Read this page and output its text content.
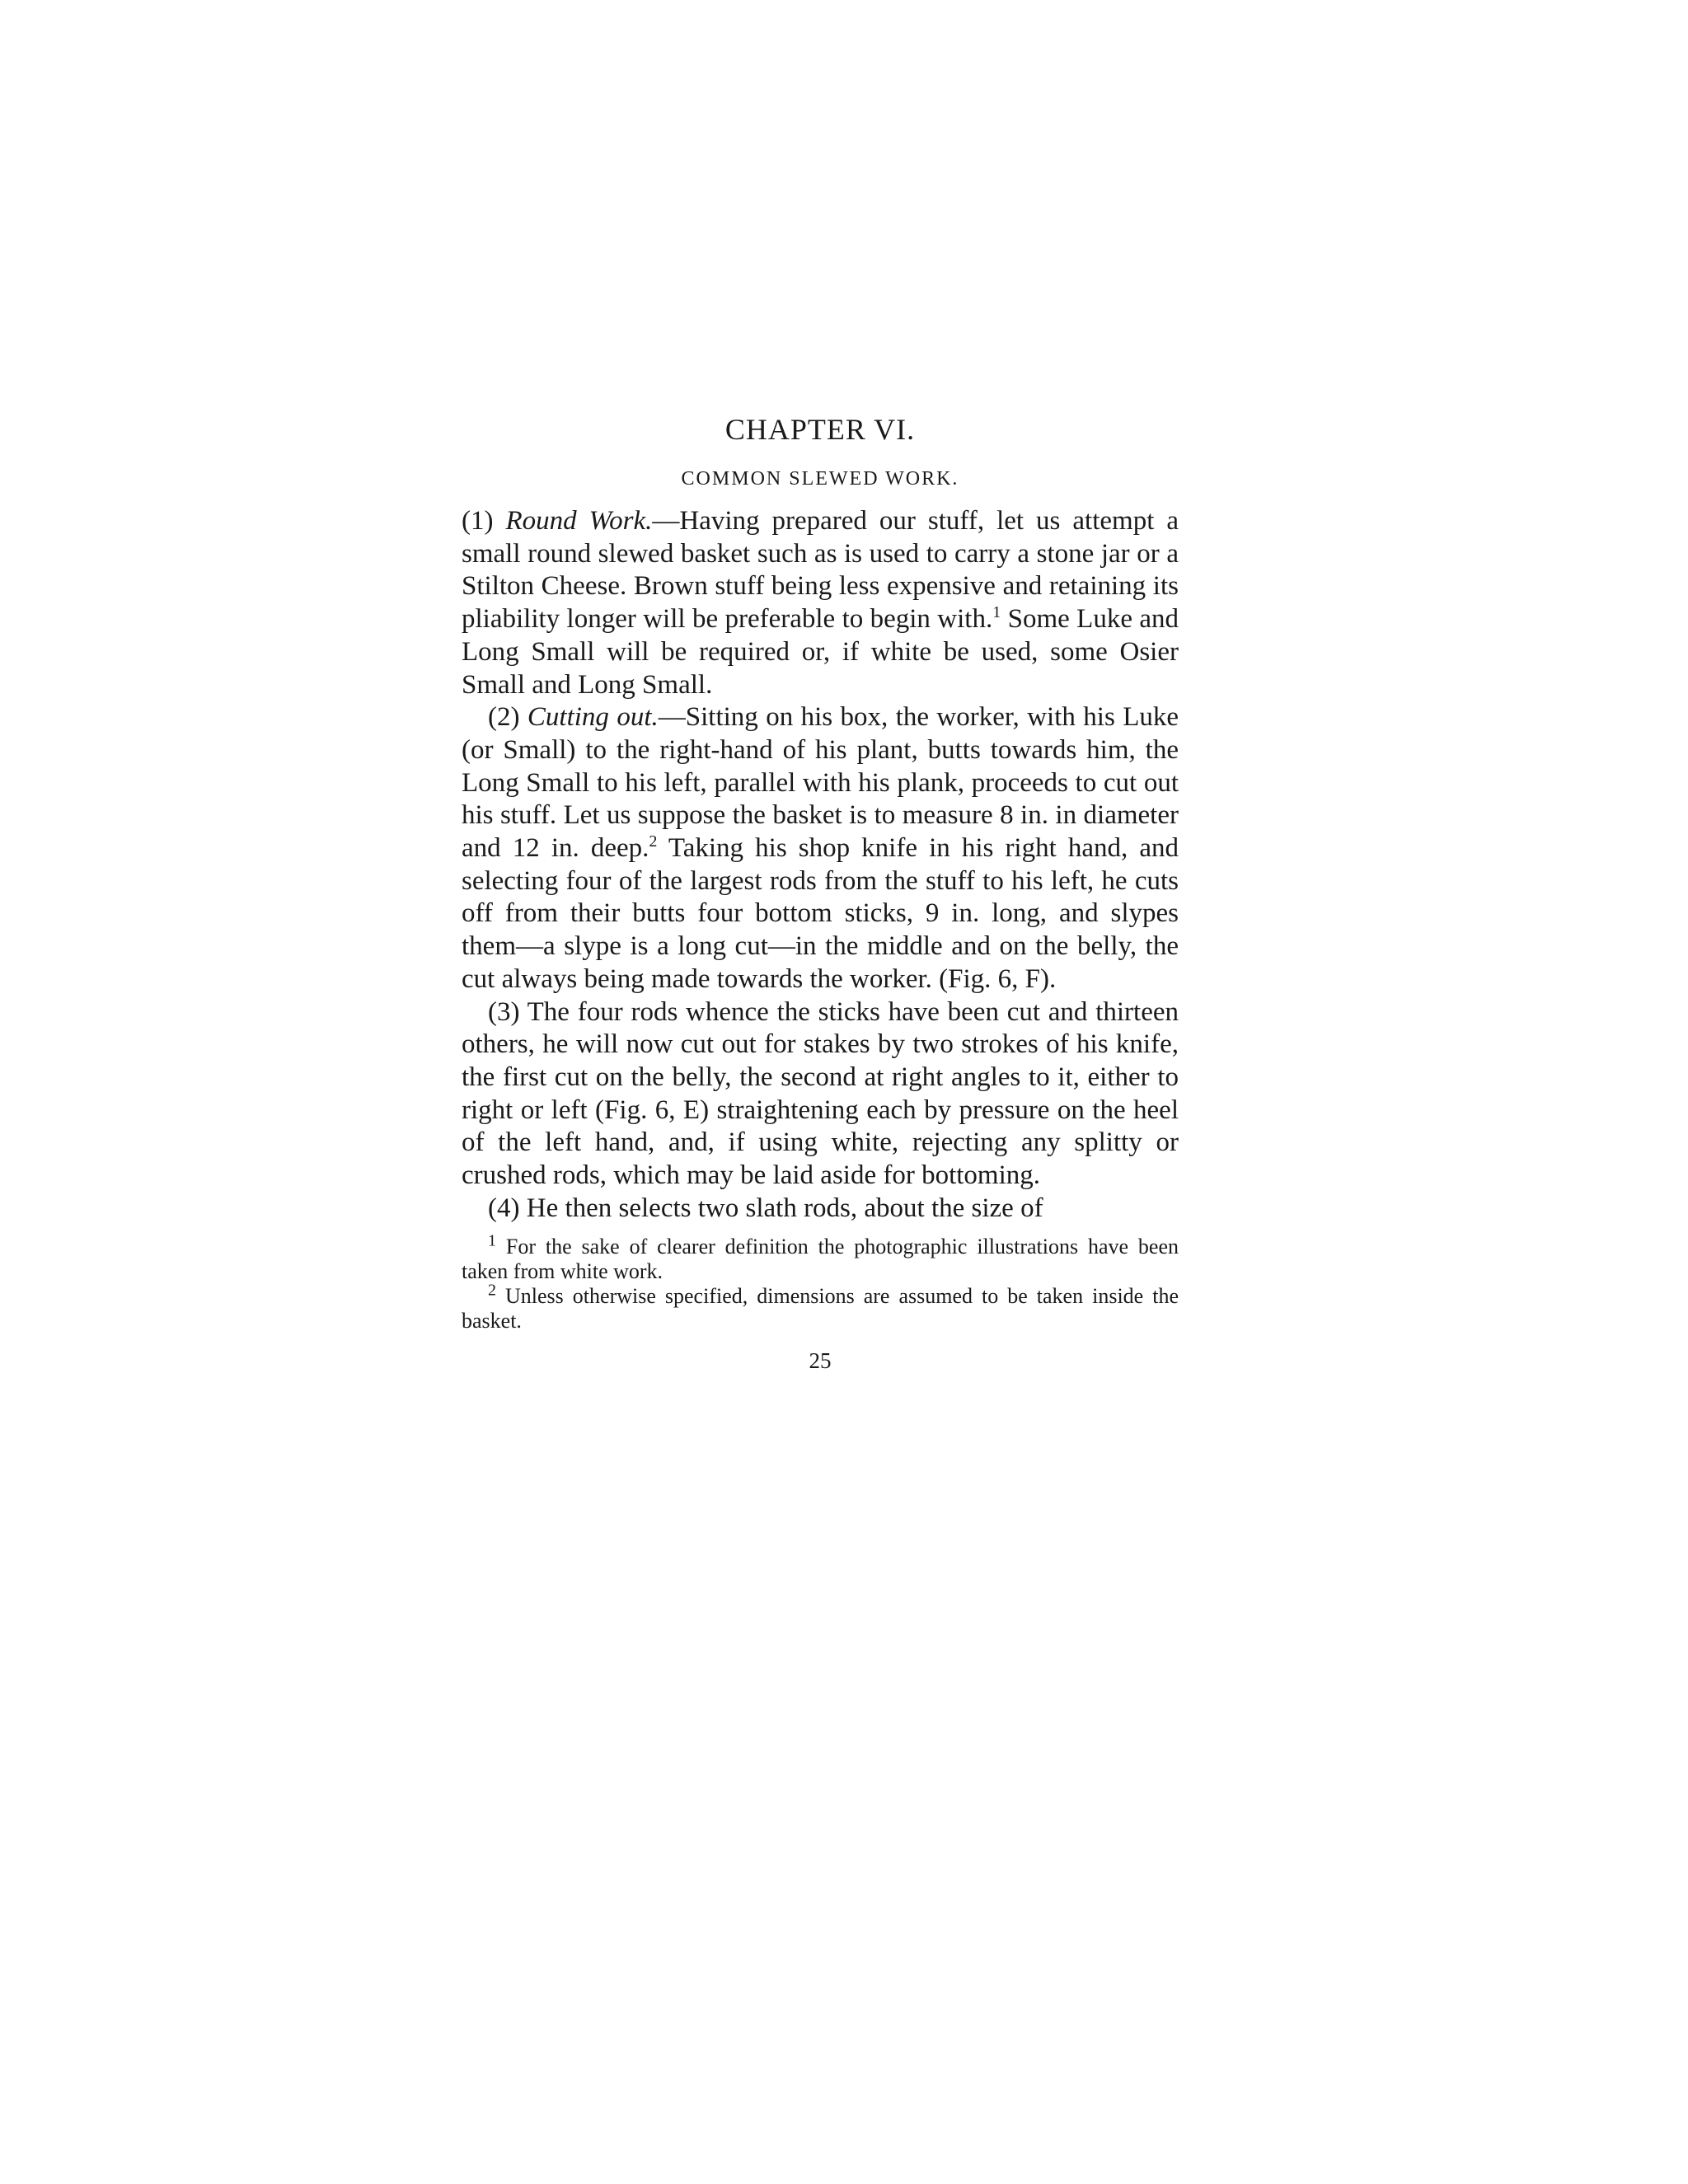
CHAPTER VI.
COMMON SLEWED WORK.

(1) Round Work.—Having prepared our stuff, let us attempt a small round slewed basket such as is used to carry a stone jar or a Stilton Cheese. Brown stuff being less expensive and retaining its pliability longer will be preferable to begin with.$^1$ Some Luke and Long Small will be required or, if white be used, some Osier Small and Long Small.

(2) Cutting out.—Sitting on his box, the worker, with his Luke (or Small) to the right-hand of his plant, butts towards him, the Long Small to his left, parallel with his plank, proceeds to cut out his stuff. Let us suppose the basket is to measure 8 in. in diameter and 12 in. deep.$^2$ Taking his shop knife in his right hand, and selecting four of the largest rods from the stuff to his left, he cuts off from their butts four bottom sticks, 9 in. long, and slypes them—a slype is a long cut—in the middle and on the belly, the cut always being made towards the worker. (Fig. 6, F).

(3) The four rods whence the sticks have been cut and thirteen others, he will now cut out for stakes by two strokes of his knife, the first cut on the belly, the second at right angles to it, either to right or left (Fig. 6, E) straightening each by pressure on the heel of the left hand, and, if using white, rejecting any splitty or crushed rods, which may be laid aside for bottoming.

(4) He then selects two slath rods, about the size of

$^1$ For the sake of clearer definition the photographic illustrations have been taken from white work.

$^2$ Unless otherwise specified, dimensions are assumed to be taken inside the basket.

25
